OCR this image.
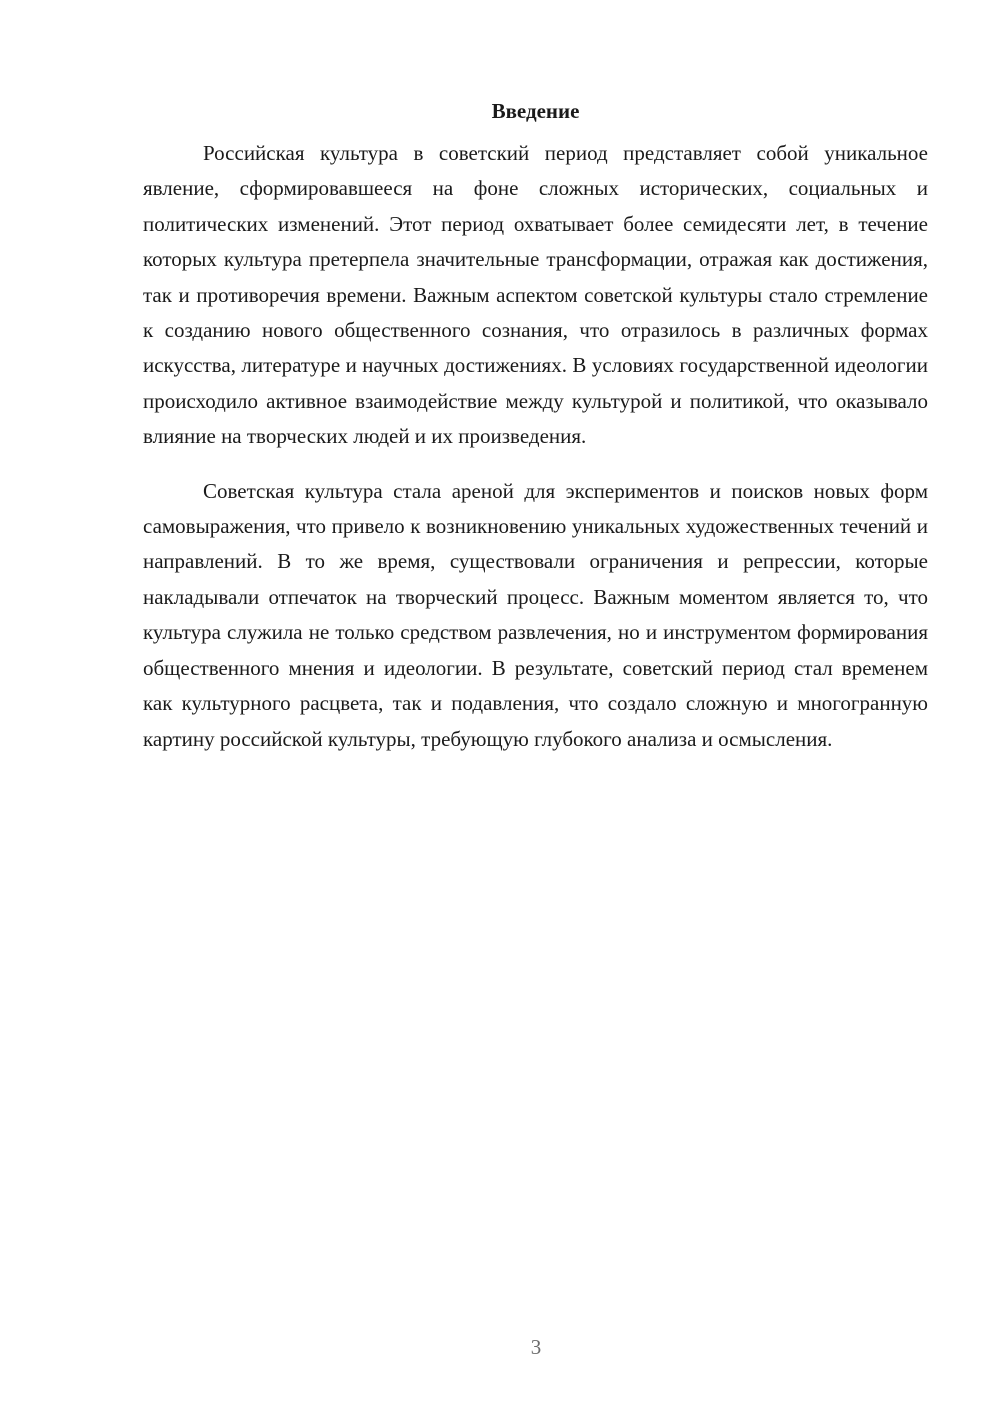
Введение

Российская культура в советский период представляет собой уникальное явление, сформировавшееся на фоне сложных исторических, социальных и политических изменений. Этот период охватывает более семидесяти лет, в течение которых культура претерпела значительные трансформации, отражая как достижения, так и противоречия времени. Важным аспектом советской культуры стало стремление к созданию нового общественного сознания, что отразилось в различных формах искусства, литературе и научных достижениях. В условиях государственной идеологии происходило активное взаимодействие между культурой и политикой, что оказывало влияние на творческих людей и их произведения.

Советская культура стала ареной для экспериментов и поисков новых форм самовыражения, что привело к возникновению уникальных художественных течений и направлений. В то же время, существовали ограничения и репрессии, которые накладывали отпечаток на творческий процесс. Важным моментом является то, что культура служила не только средством развлечения, но и инструментом формирования общественного мнения и идеологии. В результате, советский период стал временем как культурного расцвета, так и подавления, что создало сложную и многогранную картину российской культуры, требующую глубокого анализа и осмысления.

3
